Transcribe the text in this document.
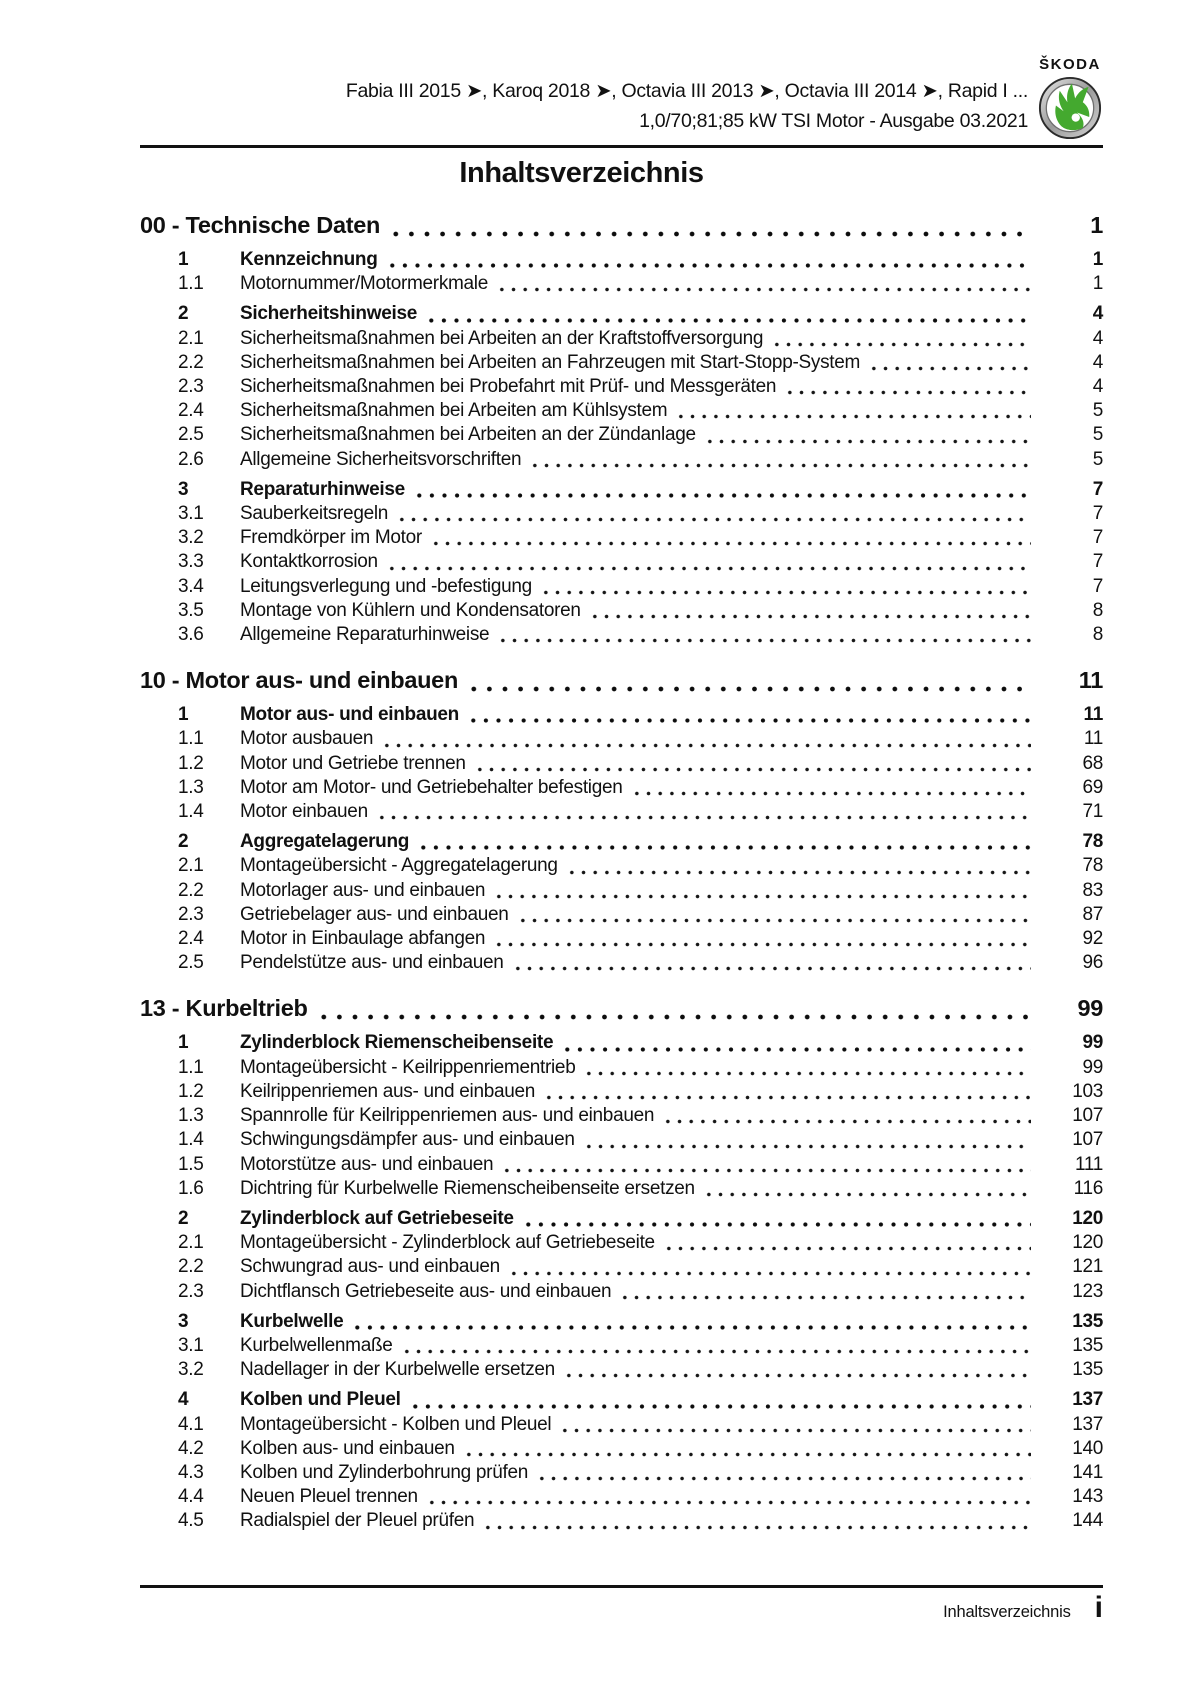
Fabia III 2015 ➤, Karoq 2018 ➤, Octavia III 2013 ➤, Octavia III 2014 ➤, Rapid I ...
1,0/70;81;85 kW TSI Motor - Ausgabe 03.2021
ŠKODA
Inhaltsverzeichnis
00 - Technische Daten	1
1	Kennzeichnung	1
1.1	Motornummer/Motormerkmale	1
2	Sicherheitshinweise	4
2.1	Sicherheitsmaßnahmen bei Arbeiten an der Kraftstoffversorgung	4
2.2	Sicherheitsmaßnahmen bei Arbeiten an Fahrzeugen mit Start-Stopp-System	4
2.3	Sicherheitsmaßnahmen bei Probefahrt mit Prüf- und Messgeräten	4
2.4	Sicherheitsmaßnahmen bei Arbeiten am Kühlsystem	5
2.5	Sicherheitsmaßnahmen bei Arbeiten an der Zündanlage	5
2.6	Allgemeine Sicherheitsvorschriften	5
3	Reparaturhinweise	7
3.1	Sauberkeitsregeln	7
3.2	Fremdkörper im Motor	7
3.3	Kontaktkorrosion	7
3.4	Leitungsverlegung und -befestigung	7
3.5	Montage von Kühlern und Kondensatoren	8
3.6	Allgemeine Reparaturhinweise	8
10 - Motor aus- und einbauen	11
1	Motor aus- und einbauen	11
1.1	Motor ausbauen	11
1.2	Motor und Getriebe trennen	68
1.3	Motor am Motor- und Getriebehalter befestigen	69
1.4	Motor einbauen	71
2	Aggregatelagerung	78
2.1	Montageübersicht - Aggregatelagerung	78
2.2	Motorlager aus- und einbauen	83
2.3	Getriebelager aus- und einbauen	87
2.4	Motor in Einbaulage abfangen	92
2.5	Pendelstütze aus- und einbauen	96
13 - Kurbeltrieb	99
1	Zylinderblock Riemenscheibenseite	99
1.1	Montageübersicht - Keilrippenriementrieb	99
1.2	Keilrippenriemen aus- und einbauen	103
1.3	Spannrolle für Keilrippenriemen aus- und einbauen	107
1.4	Schwingungsdämpfer aus- und einbauen	107
1.5	Motorstütze aus- und einbauen	111
1.6	Dichtring für Kurbelwelle Riemenscheibenseite ersetzen	116
2	Zylinderblock auf Getriebeseite	120
2.1	Montageübersicht - Zylinderblock auf Getriebeseite	120
2.2	Schwungrad aus- und einbauen	121
2.3	Dichtflansch Getriebeseite aus- und einbauen	123
3	Kurbelwelle	135
3.1	Kurbelwellenmaße	135
3.2	Nadellager in der Kurbelwelle ersetzen	135
4	Kolben und Pleuel	137
4.1	Montageübersicht - Kolben und Pleuel	137
4.2	Kolben aus- und einbauen	140
4.3	Kolben und Zylinderbohrung prüfen	141
4.4	Neuen Pleuel trennen	143
4.5	Radialspiel der Pleuel prüfen	144
Inhaltsverzeichnis i
